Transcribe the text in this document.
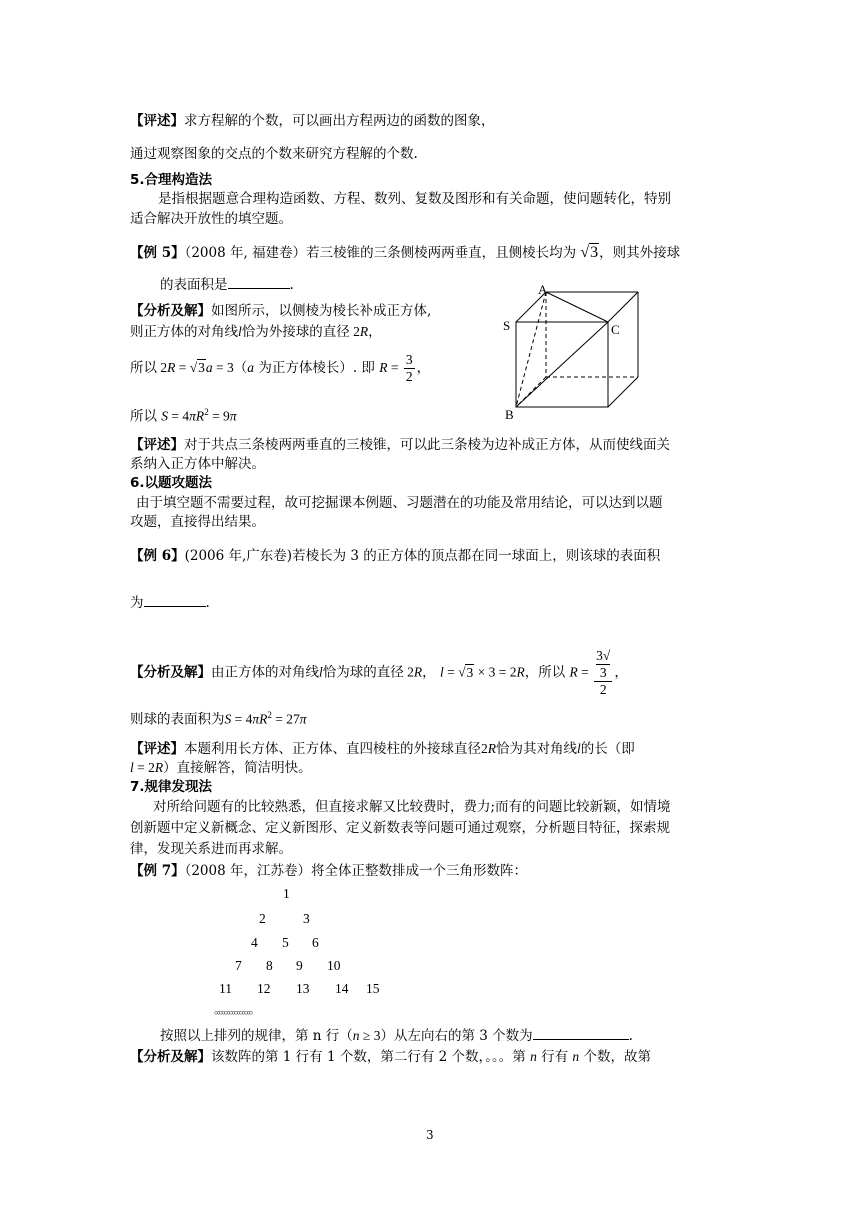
【评述】求方程解的个数，可以画出方程两边的函数的图象，
通过观察图象的交点的个数来研究方程解的个数.
5.合理构造法
是指根据题意合理构造函数、方程、数列、复数及图形和有关命题，使问题转化，特别
适合解决开放性的填空题。
【例 5】（2008 年, 福建卷）若三棱锥的三条侧棱两两垂直，且侧棱长均为 √3，则其外接球
的表面积是	.
【分析及解】如图所示，以侧棱为棱长补成正方体,
则正方体的对角线l恰为外接球的直径 2R，
所以 2R = √3a = 3（a 为正方体棱长）. 即 $R = \frac{3}{2}$ ，
所以 $S = 4\pi R^2 = 9\pi$
A
S	C
B
【评述】对于共点三条棱两两垂直的三棱锥，可以此三条棱为边补成正方体，从而使线面关
系纳入正方体中解决。
6.以题攻题法
由于填空题不需要过程，故可挖掘课本例题、习题潜在的功能及常用结论，可以达到以题
攻题，直接得出结果。
【例 6】(2006 年,广东卷)若棱长为 3 的正方体的顶点都在同一球面上，则该球的表面积
为	.
【分析及解】由正方体的对角线l恰为球的直径 2R， l = √3 × 3 = 2R，所以 R = 3√
3
2 ，
则球的表面积为$S = 4\pi R^2 = 27\pi$
【评述】本题利用长方体、正方体、直四棱柱的外接球直径2R恰为其对角线l的长（即
l = 2R）直接解答，简洁明快。
7.规律发现法
对所给问题有的比较熟悉，但直接求解又比较费时，费力;而有的问题比较新颖，如情境
创新题中定义新概念、定义新图形、定义新数表等问题可通过观察，分析题目特征，探索规
律，发现关系进而再求解。
【例 7】（2008 年，江苏卷）将全体正整数排成一个三角形数阵：
1
2	3
4 5 6
7 8 9 10
11 12 13 14 15
。。。。。。。。。。。。。。。
按照以上排列的规律，第 n 行（n ≥ 3）从左向右的第 3 个数为	.
【分析及解】该数阵的第 1 行有 1 个数，第二行有 2 个数，。。。第 n 行有 n 个数，故第
3
